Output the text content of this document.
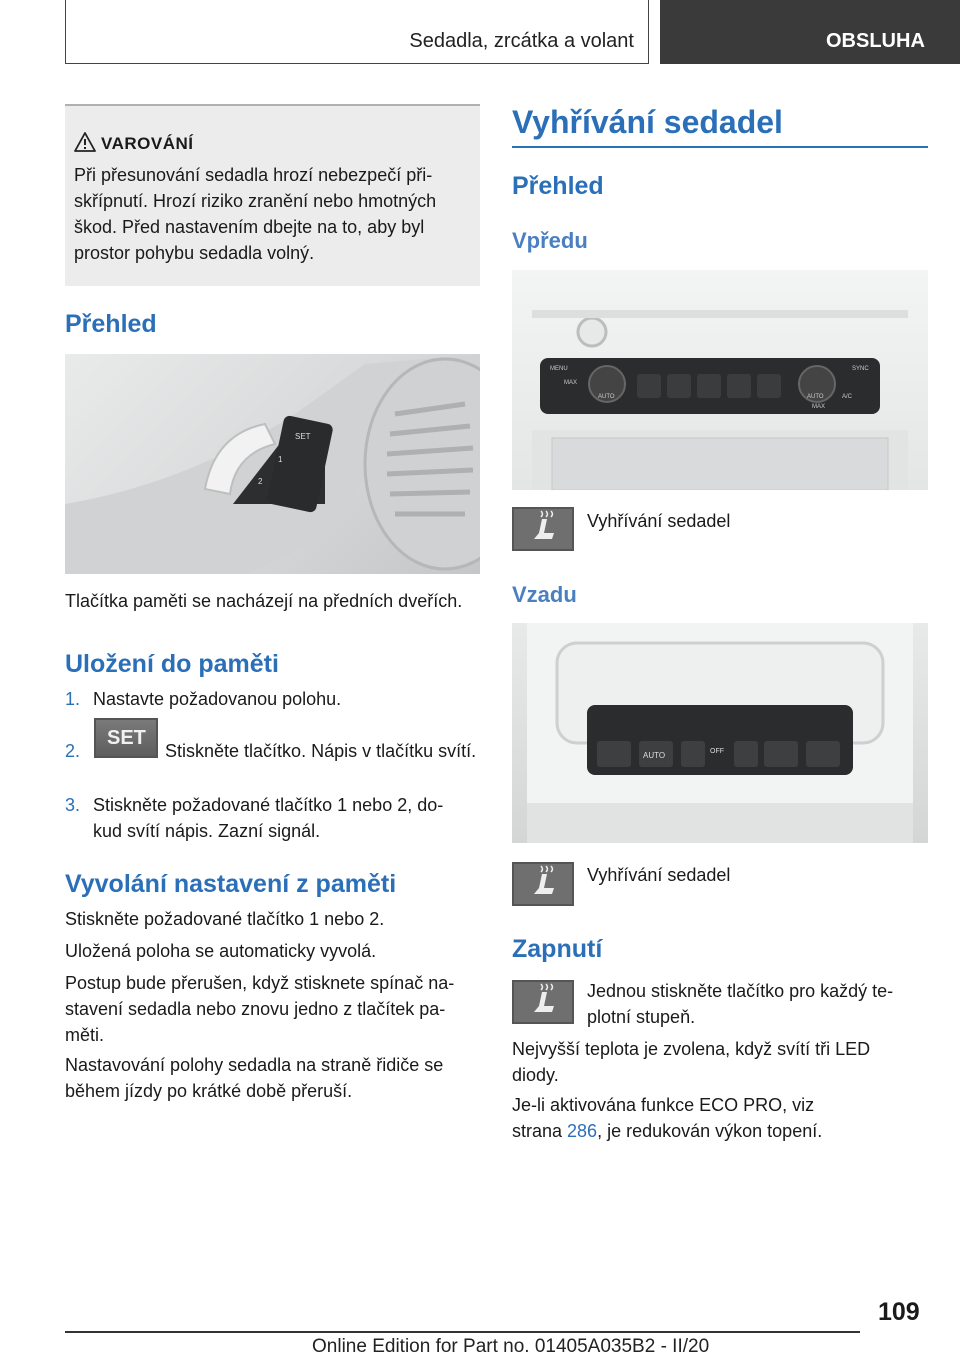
Sedadla, zrcátka a volant	OBSLUHA
VAROVÁNÍ
Při přesunování sedadla hrozí nebezpečí při-skřípnutí. Hrozí riziko zranění nebo hmotných škod. Před nastavením dbejte na to, aby byl prostor pohybu sedadla volný.
Přehled
SET
1
2
Tlačítka paměti se nacházejí na předních dveřích.
Uložení do paměti
1. Nastavte požadovanou polohu.
2.
SET
Stiskněte tlačítko. Nápis v tlačítku svítí.
3. Stiskněte požadované tlačítko 1 nebo 2, do-kud svítí nápis. Zazní signál.
Vyvolání nastavení z paměti
Stiskněte požadované tlačítko 1 nebo 2.
Uložená poloha se automaticky vyvolá.
Postup bude přerušen, když stisknete spínač na-stavení sedadla nebo znovu jedno z tlačítek pa-měti.
Nastavování polohy sedadla na straně řidiče se během jízdy po krátké době přeruší.
Vyhřívání sedadel
Přehled
Vpředu
MENU
MAX
AUTO	AUTO
MAX
A/C
SYNC
Vyhřívání sedadel
Vzadu
AUTO	OFF
Vyhřívání sedadel
Zapnutí
Jednou stiskněte tlačítko pro každý te-plotní stupeň.
Nejvyšší teplota je zvolena, když svítí tři LED diody.
Je-li aktivována funkce ECO PRO, viz strana 286, je redukován výkon topení.
109
Online Edition for Part no. 01405A035B2 - II/20
